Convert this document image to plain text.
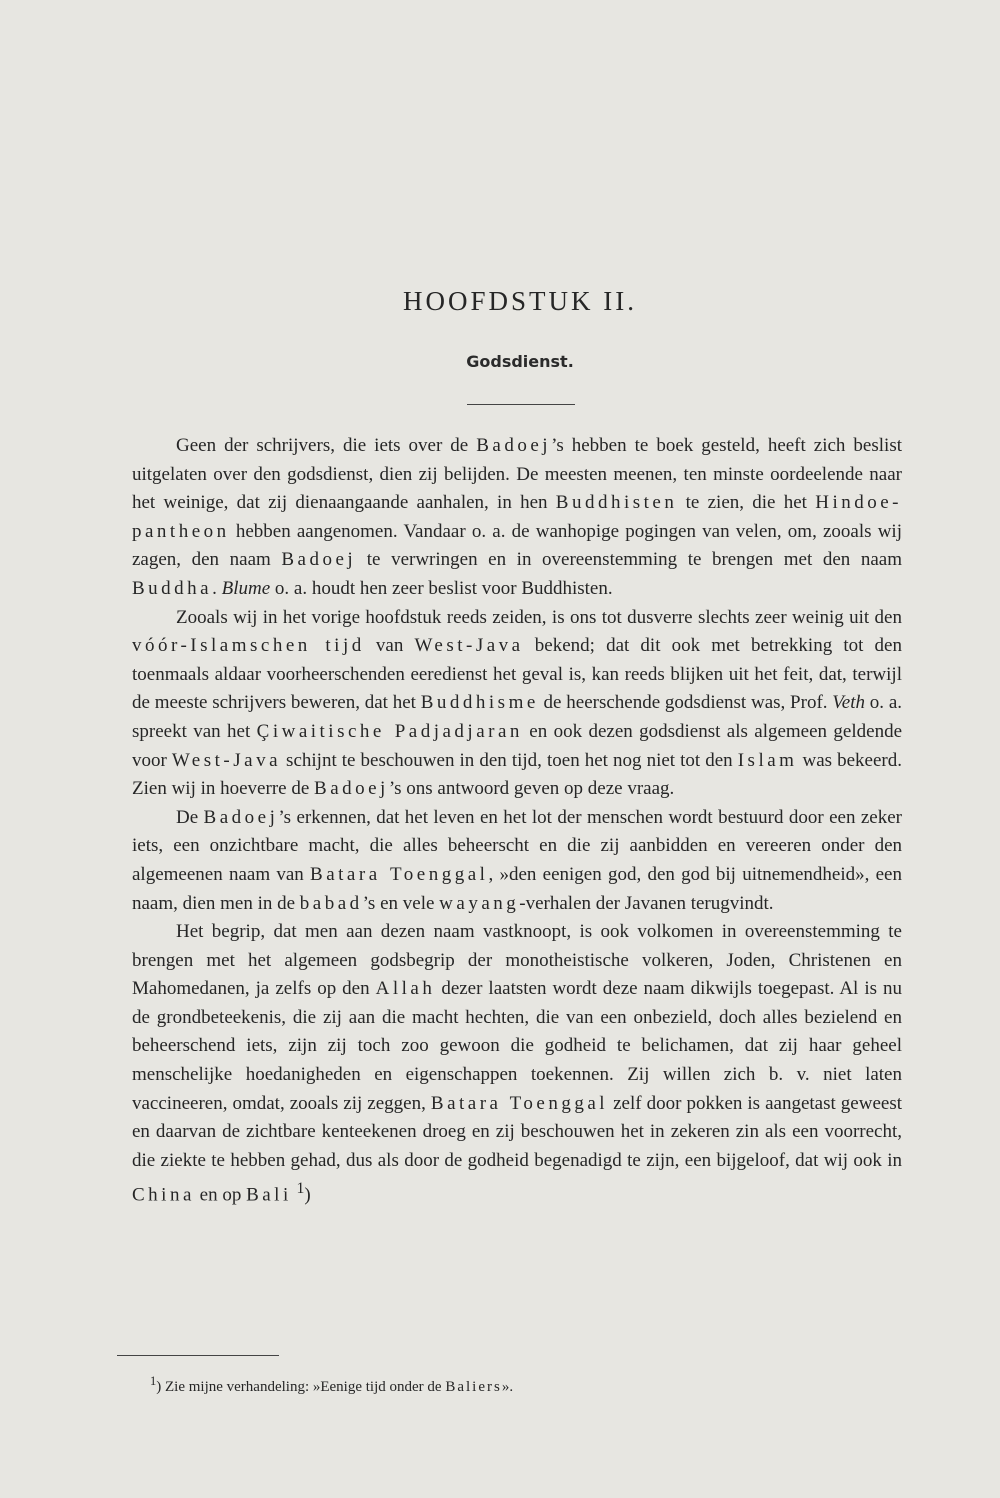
HOOFDSTUK II.
Godsdienst.

Geen der schrijvers, die iets over de Badoej’s hebben te boek gesteld, heeft zich beslist uitgelaten over den godsdienst, dien zij belijden. De meesten meenen, ten minste oordeelende naar het weinige, dat zij dienaangaande aanhalen, in hen Buddhisten te zien, die het Hindoe-pantheon hebben aangenomen. Vandaar o. a. de wanhopige pogingen van velen, om, zooals wij zagen, den naam Badoej te verwringen en in overeenstemming te brengen met den naam Buddha. Blume o. a. houdt hen zeer beslist voor Buddhisten.

Zooals wij in het vorige hoofdstuk reeds zeiden, is ons tot dusverre slechts zeer weinig uit den vóór-Islamschen tijd van West-Java bekend; dat dit ook met betrekking tot den toenmaals aldaar voorheerschenden eeredienst het geval is, kan reeds blijken uit het feit, dat, terwijl de meeste schrijvers beweren, dat het Buddhisme de heerschende godsdienst was, Prof. Veth o. a. spreekt van het Çiwaitische Padjadjaran en ook dezen godsdienst als algemeen geldende voor West-Java schijnt te beschouwen in den tijd, toen het nog niet tot den Islam was bekeerd. Zien wij in hoeverre de Badoej’s ons antwoord geven op deze vraag.

De Badoej’s erkennen, dat het leven en het lot der menschen wordt bestuurd door een zeker iets, een onzichtbare macht, die alles beheerscht en die zij aanbidden en vereeren onder den algemeenen naam van Batara Toenggal, »den eenigen god, den god bij uitnemendheid», een naam, dien men in de babad’s en vele wayang-verhalen der Javanen terugvindt.

Het begrip, dat men aan dezen naam vastknoopt, is ook volkomen in overeenstemming te brengen met het algemeen godsbegrip der monotheistische volkeren, Joden, Christenen en Mahomedanen, ja zelfs op den Allah dezer laatsten wordt deze naam dikwijls toegepast. Al is nu de grondbeteekenis, die zij aan die macht hechten, die van een onbezield, doch alles bezielend en beheerschend iets, zijn zij toch zoo gewoon die godheid te belichamen, dat zij haar geheel menschelijke hoedanigheden en eigenschappen toekennen. Zij willen zich b. v. niet laten vaccineeren, omdat, zooals zij zeggen, Batara Toenggal zelf door pokken is aangetast geweest en daarvan de zichtbare kenteekenen droeg en zij beschouwen het in zekeren zin als een voorrecht, die ziekte te hebben gehad, dus als door de godheid begenadigd te zijn, een bijgeloof, dat wij ook in China en op Bali $^1$)

$^1$) Zie mijne verhandeling: »Eenige tijd onder de Baliers».
